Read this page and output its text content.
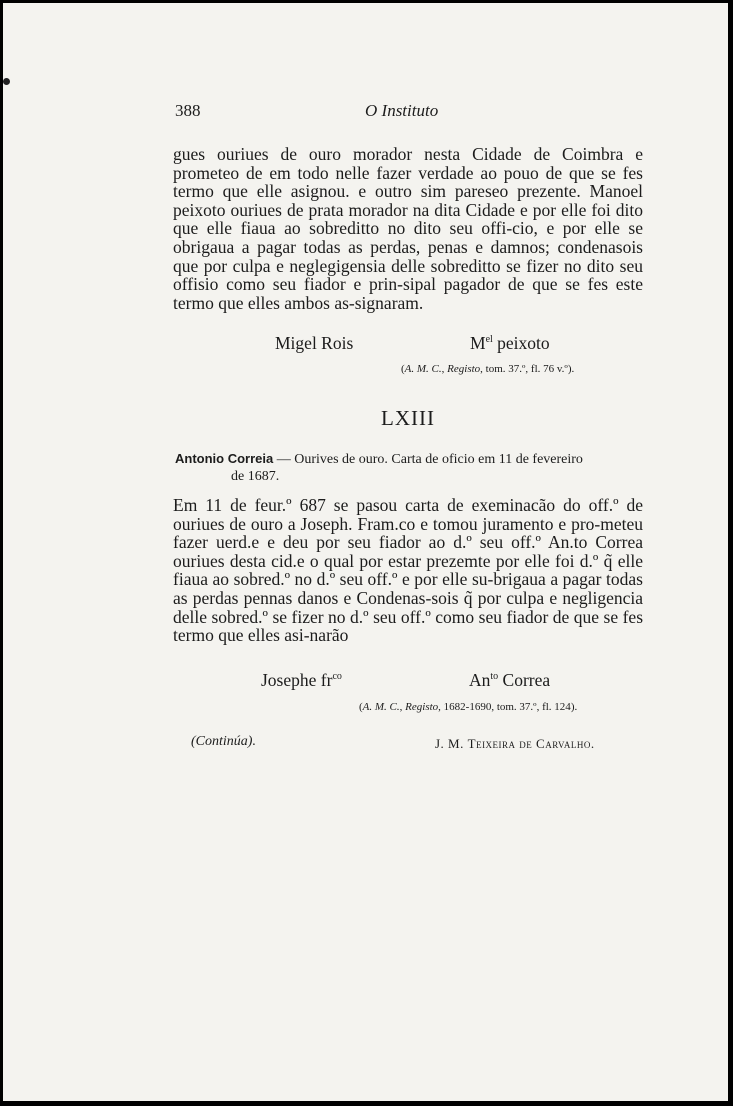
388	O Instituto
gues ouriues de ouro morador nesta Cidade de Coimbra e prometeo de em todo nelle fazer verdade ao pouo de que se fes termo que elle asignou. e outro sim pareseo prezente. Manoel peixoto ouriues de prata morador na dita Cidade e por elle foi dito que elle fiaua ao sobreditto no dito seu offi-cio, e por elle se obrigaua a pagar todas as perdas, penas e damnos; condenasois que por culpa e neglegigensia delle sobreditto se fizer no dito seu offisio como seu fiador e prin-sipal pagador de que se fes este termo que elles ambos as-signaram.
Migel Rois	$M^{el}$ peixoto
(A. M. C., Registo, tom. 37.º, fl. 76 v.º).
LXIII
Antonio Correia — Ourives de ouro. Carta de oficio em 11 de fevereiro
de 1687.
Em 11 de feur.º 687 se pasou carta de exeminacão do off.º de ouriues de ouro a Joseph. Fram.co e tomou juramento e pro-meteu fazer uerd.e e deu por seu fiador ao d.º seu off.º An.to Correa ouriues desta cid.e o qual por estar prezemte por elle foi d.º q̃ elle fiaua ao sobred.º no d.º seu off.º e por elle su-brigaua a pagar todas as perdas pennas danos e Condenas-sois q̃ por culpa e negligencia delle sobred.º se fizer no d.º seu off.º como seu fiador de que se fes termo que elles asi-narão
Josephe $fr^{co}$	$An^{to}$ Correa
(A. M. C., Registo, 1682-1690, tom. 37.º, fl. 124).
(Continúa).	J. M. Teixeira de Carvalho.
